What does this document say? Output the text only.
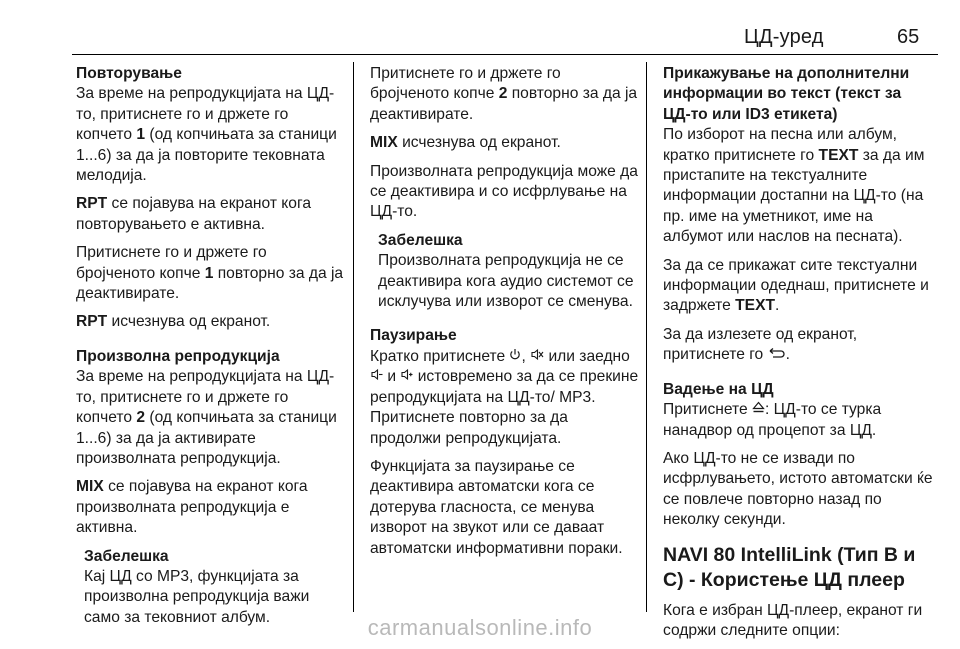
ЦД-уред	65
Повторување

За време на репродукцијата на ЦД-то, притиснете го и држете го копчето 1 (од копчињата за станици 1...6) за да ја повторите тековната мелодија.

RPT се појавува на екранот кога повторувањето е активна.

Притиснете го и држете го бројченото копче 1 повторно за да ја деактивирате.

RPT исчезнува од екранот.

Произволна репродукција

За време на репродукцијата на ЦД-то, притиснете го и држете го копчето 2 (од копчињата за станици 1...6) за да ја активирате произволната репродукција.

MIX се појавува на екранот кога произволната репродукција е активна.

Забелешка
Кај ЦД со MP3, функцијата за произволна репродукција важи само за тековниот албум.

Притиснете го и држете го бројченото копче 2 повторно за да ја деактивирате.

MIX исчезнува од екранот.

Произволната репродукција може да се деактивира и со исфрлување на ЦД-то.

Забелешка
Произволната репродукција не се деактивира кога аудио системот се исклучува или изворот се сменува.
Паузирање

Кратко притиснете ,  или заедно  и  истовремено за да се прекине репродукцијата на ЦД-то/ MP3. Притиснете повторно за да продолжи репродукцијата.

Функцијата за паузирање се деактивира автоматски кога се дотерува гласноста, се менува изворот на звукот или се даваат автоматски информативни пораки.

Прикажување на дополнителни информации во текст (текст за ЦД-то или ID3 етикета)

По изборот на песна или албум, кратко притиснете го TEXT за да им пристапите на текстуалните информации достапни на ЦД-то (на пр. име на уметникот, име на албумот или наслов на песната).

За да се прикажат сите текстуални информации одеднаш, притиснете и задржете TEXT.

За да излезете од екранот, притиснете го .

Вадење на ЦД

Притиснете : ЦД-то се турка нанадвор од процепот за ЦД.

Ако ЦД-то не се извади по исфрлувањето, истото автоматски ќе се повлече повторно назад по неколку секунди.

NAVI 80 IntelliLink (Тип B и C) - Користење ЦД плеер

Кога е избран ЦД-плеер, екранот ги содржи следните опции:

carmanualsonline.info
